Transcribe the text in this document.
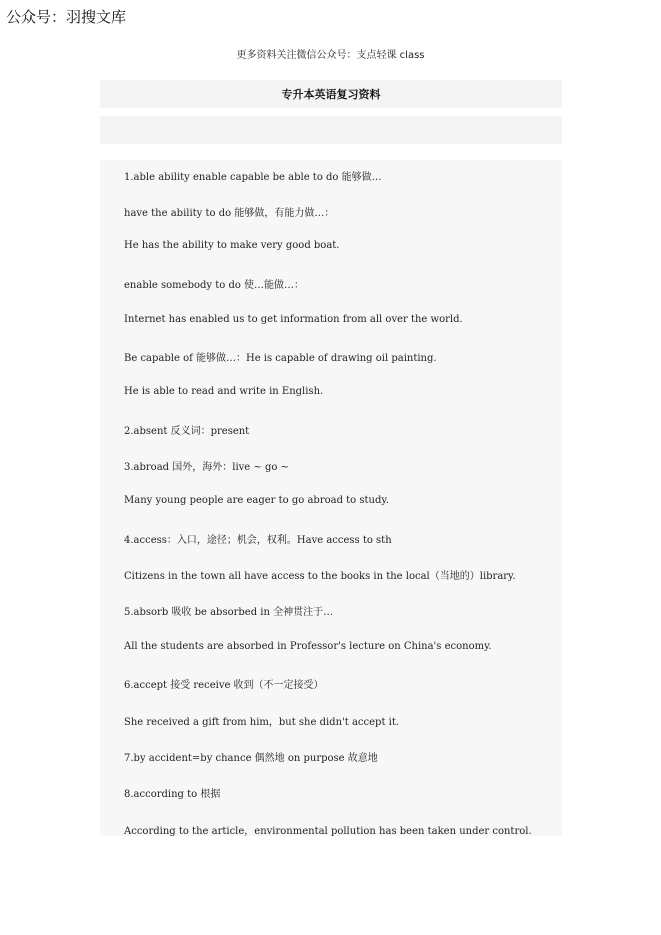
公众号：羽搜文库
更多资料关注微信公众号：支点轻课 class
专升本英语复习资料
1.able ability enable capable be able to do 能够做…
have the ability to do 能够做，有能力做…：
He has the ability to make very good boat.
enable somebody to do 使…能做…：
Internet has enabled us to get information from all over the world.
Be capable of 能够做…：He is capable of drawing oil painting.
He is able to read and write in English.
2.absent 反义词：present
3.abroad 国外，海外：live ~ go ~
Many young people are eager to go abroad to study.
4.access：入口，途径；机会，权利。Have access to sth
Citizens in the town all have access to the books in the local（当地的）library.
5.absorb 吸收 be absorbed in 全神贯注于…
All the students are absorbed in Professor's lecture on China's economy.
6.accept 接受 receive 收到（不一定接受）
She received a gift from him，but she didn't accept it.
7.by accident=by chance 偶然地 on purpose 故意地
8.according to 根据
According to the article，environmental pollution has been taken under control.
